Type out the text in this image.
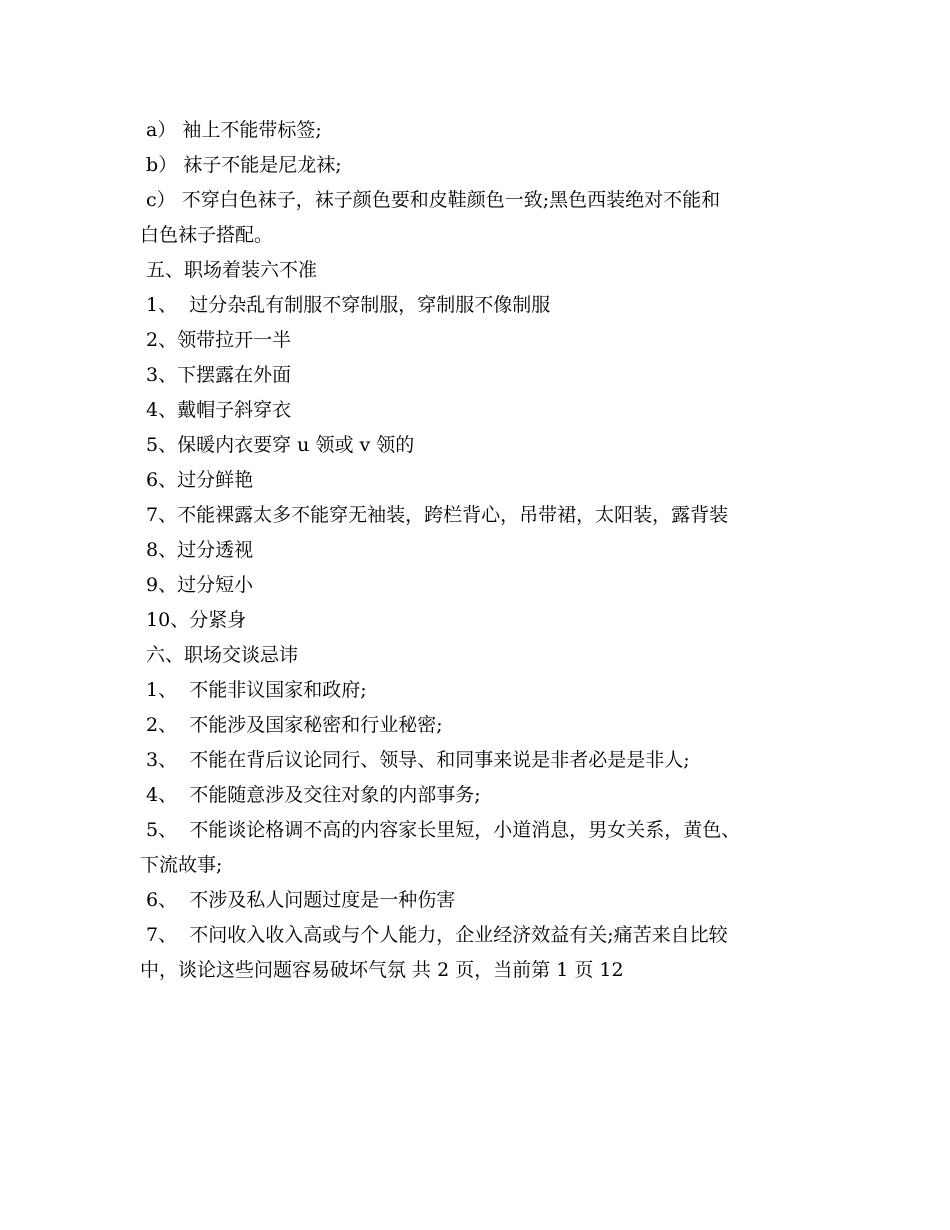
a） 袖上不能带标签;
b） 袜子不能是尼龙袜;
c） 不穿白色袜子，袜子颜色要和皮鞋颜色一致;黑色西装绝对不能和
白色袜子搭配。
五、职场着装六不准
1、  过分杂乱有制服不穿制服，穿制服不像制服
2、领带拉开一半
3、下摆露在外面
4、戴帽子斜穿衣
5、保暖内衣要穿 u 领或 v 领的
6、过分鲜艳
7、不能裸露太多不能穿无袖装，跨栏背心，吊带裙，太阳装，露背装
8、过分透视
9、过分短小
10、分紧身
六、职场交谈忌讳
1、  不能非议国家和政府;
2、  不能涉及国家秘密和行业秘密;
3、  不能在背后议论同行、领导、和同事来说是非者必是是非人;
4、  不能随意涉及交往对象的内部事务;
5、  不能谈论格调不高的内容家长里短，小道消息，男女关系，黄色、
下流故事;
6、  不涉及私人问题过度是一种伤害
7、  不问收入收入高或与个人能力，企业经济效益有关;痛苦来自比较
中，谈论这些问题容易破坏气氛 共 2 页，当前第 1 页 12
